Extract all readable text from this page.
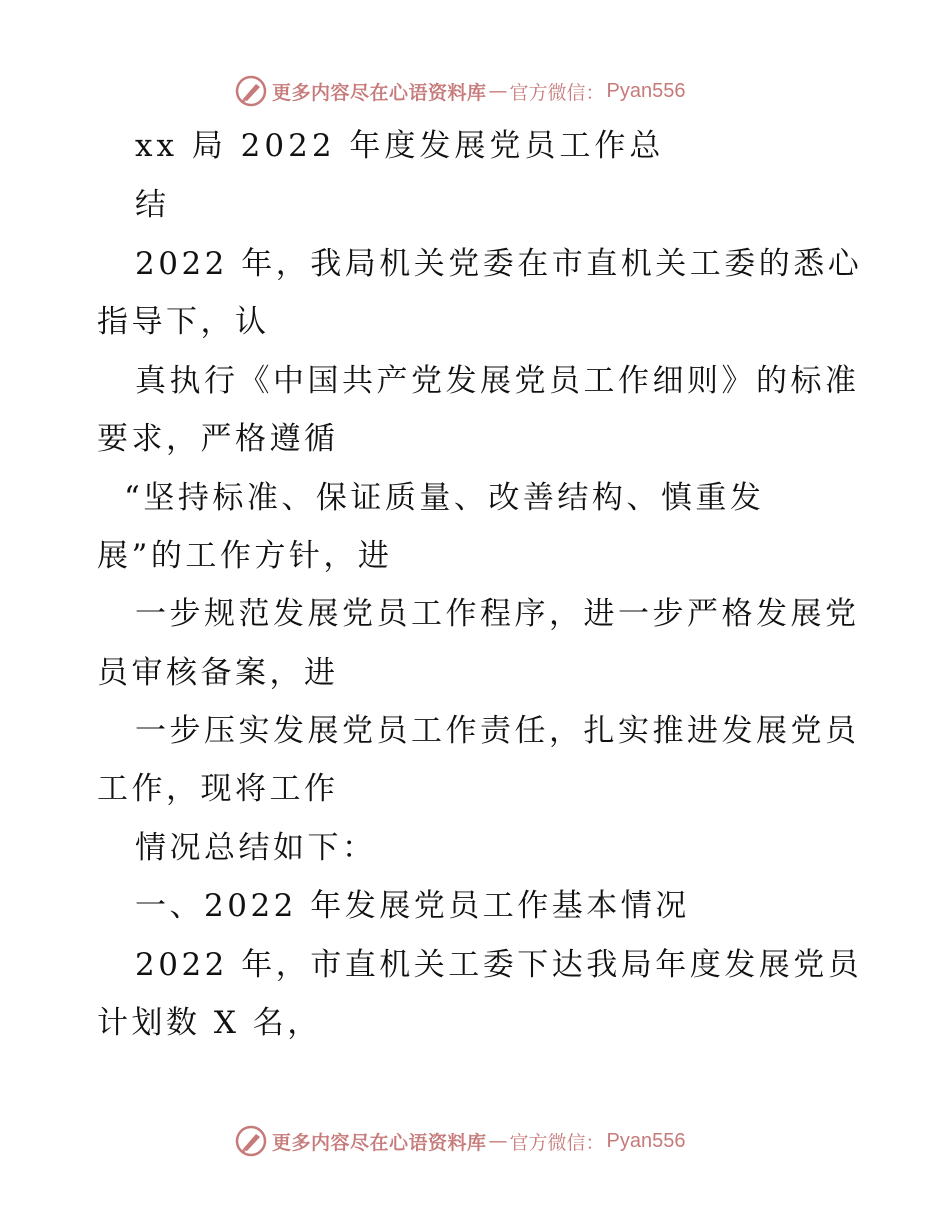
更多内容尽在心语资料库 — 官方微信： Pyan556
xx 局 2022 年度发展党员工作总
结
2022 年，我局机关党委在市直机关工委的悉心
指导下，认
真执行《中国共产党发展党员工作细则》的标准
要求，严格遵循
“坚持标准、保证质量、改善结构、慎重发
展”的工作方针，进
一步规范发展党员工作程序，进一步严格发展党
员审核备案，进
一步压实发展党员工作责任，扎实推进发展党员
工作，现将工作
情况总结如下：
一、2022 年发展党员工作基本情况
2022 年，市直机关工委下达我局年度发展党员
计划数 X 名，
更多内容尽在心语资料库 — 官方微信： Pyan556
